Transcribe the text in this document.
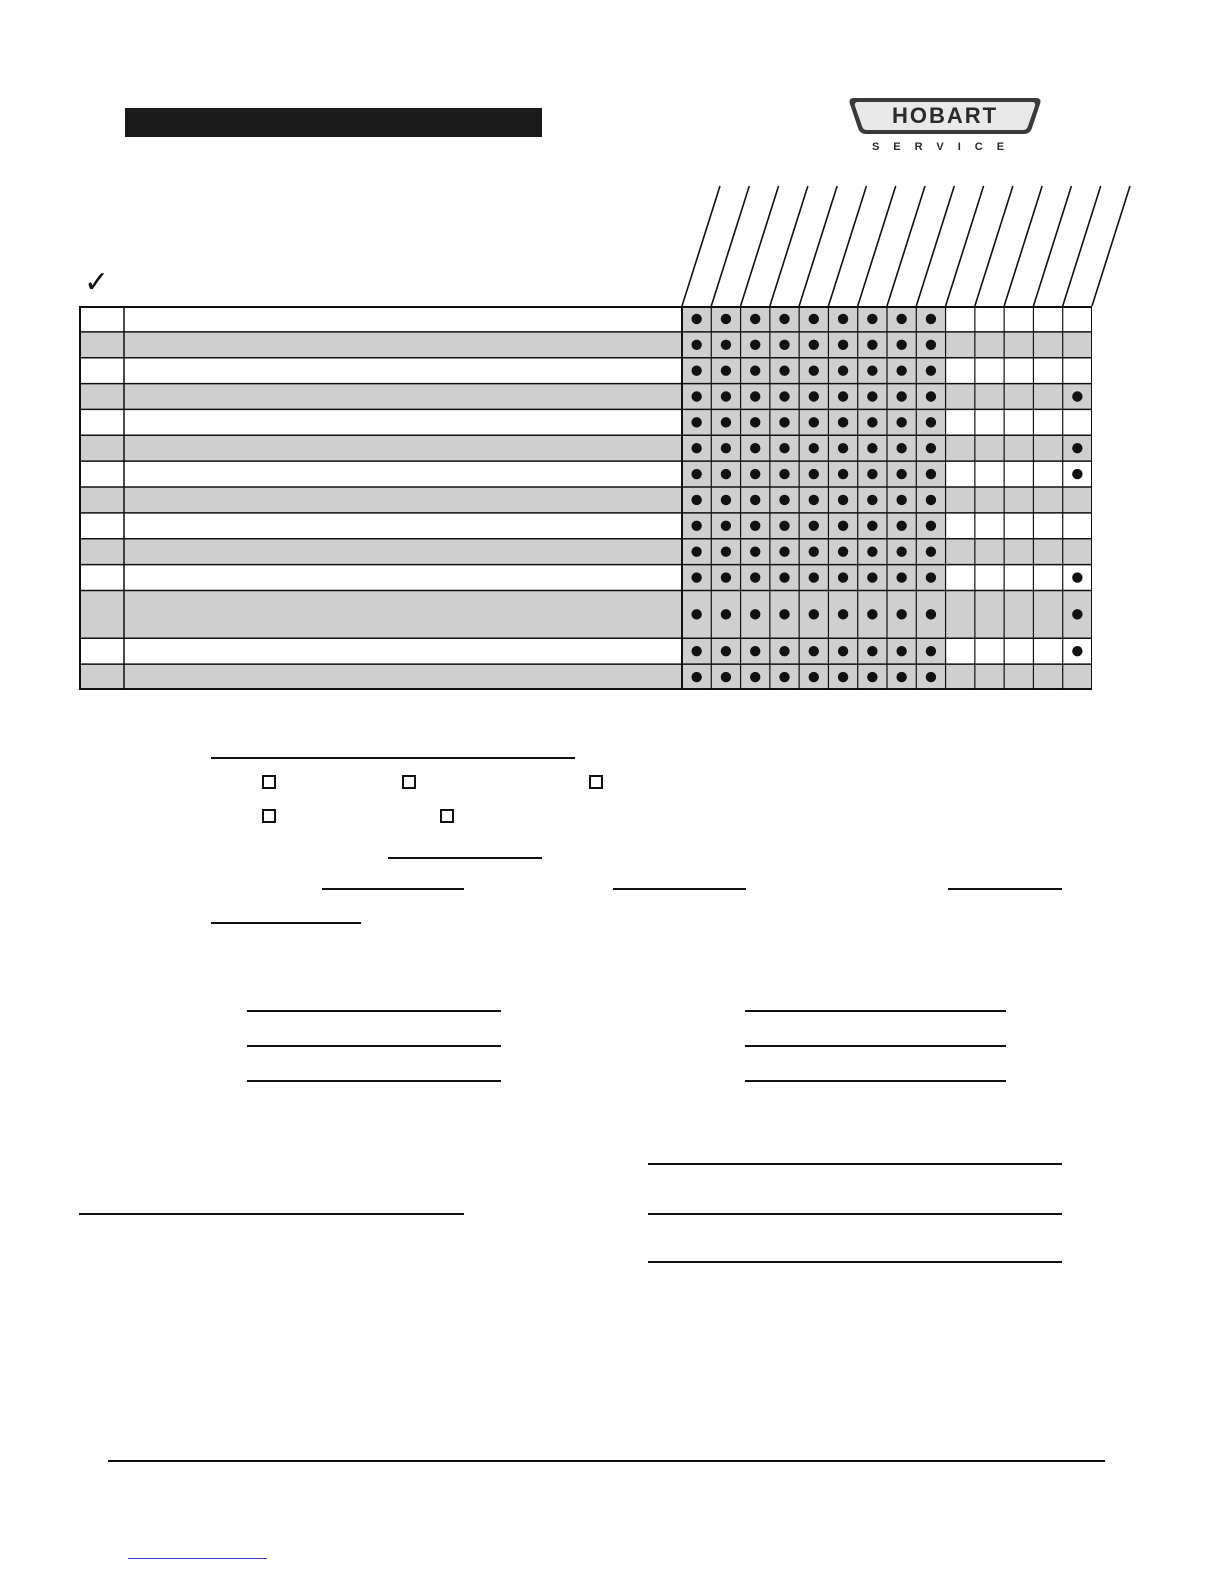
HOBART
SERVICE
✓
